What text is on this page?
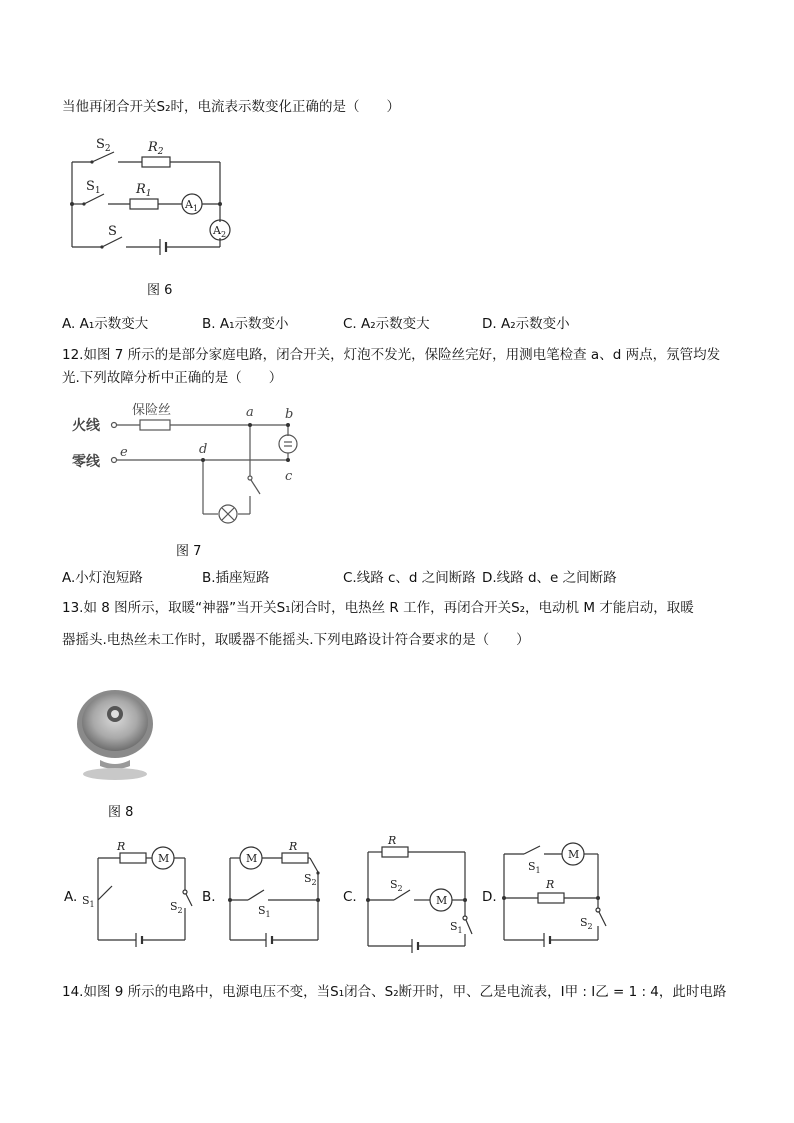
当他再闭合开关S₂时，电流表示数变化正确的是（　　）
$S_2$	$R_2$
$S_1$	$R_1$
$A_1$
$A_2$
S
图 6
A. A₁示数变大	B. A₁示数变小	C. A₂示数变大	D. A₂示数变小
12.如图 7 所示的是部分家庭电路，闭合开关，灯泡不发光，保险丝完好，用测电笔检查 a、d 两点，氖管均发
光.下列故障分析中正确的是（　　）
火线
零线
保险丝	a b
c
d
e
图 7
A.小灯泡短路	B.插座短路	C.线路 c、d 之间断路 D.线路 d、e 之间断路
13.如 8 图所示，取暖“神器”当开关S₁闭合时，电热丝 R 工作，再闭合开关S₂，电动机 M 才能启动，取暖
器摇头.电热丝未工作时，取暖器不能摇头.下列电路设计符合要求的是（　　）
图 8
A.
R
M
$S_1$	$S_2$
B.
R
M
$S_2$
$S_1$
C.
R
M
$S_2$
$S_1$
D.
R
M
$S_1$
$S_2$
14.如图 9 所示的电路中，电源电压不变，当S₁闭合、S₂断开时，甲、乙是电流表，I甲 : I乙 = 1 : 4，此时电路
